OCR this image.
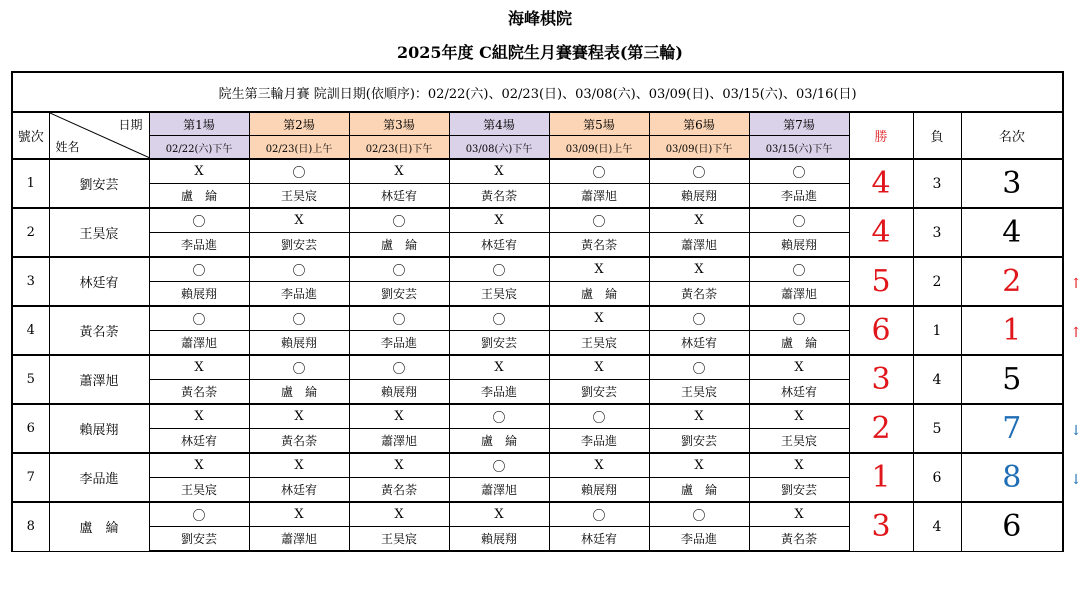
海峰棋院
2025年度 C組院生月賽賽程表(第三輪)
院生第三輪月賽 院訓日期(依順序)：02/22(六)、02/23(日)、03/08(六)、03/09(日)、03/15(六)、03/16(日)											
號次	日期
姓名	第1場	第2場	第3場	第4場	第5場	第6場	第7場	勝	負	名次
		02/22(六)下午	02/23(日)上午	02/23(日)下午	03/08(六)下午	03/09(日)上午	03/09(日)下午	03/15(六)下午			
1	劉安芸	X	〇	X	X	〇	〇	〇	4	3	3
		盧　綸	王昊宸	林廷宥	黃名荼	蕭澤旭	賴展翔	李品進			
2	王昊宸	〇	X	〇	X	〇	X	〇	4	3	4
		李品進	劉安芸	盧　綸	林廷宥	黃名荼	蕭澤旭	賴展翔			
3	林廷宥	〇	〇	〇	〇	X	X	〇	5	2	2
		賴展翔	李品進	劉安芸	王昊宸	盧　綸	黃名荼	蕭澤旭			
4	黃名荼	〇	〇	〇	〇	X	〇	〇	6	1	1
		蕭澤旭	賴展翔	李品進	劉安芸	王昊宸	林廷宥	盧　綸			
5	蕭澤旭	X	〇	〇	X	X	〇	X	3	4	5
		黃名荼	盧　綸	賴展翔	李品進	劉安芸	王昊宸	林廷宥			
6	賴展翔	X	X	X	〇	〇	X	X	2	5	7
		林廷宥	黃名荼	蕭澤旭	盧　綸	李品進	劉安芸	王昊宸			
7	李品進	X	X	X	〇	X	X	X	1	6	8
		王昊宸	林廷宥	黃名荼	蕭澤旭	賴展翔	盧　綸	劉安芸			
8	盧　綸	〇	X	X	X	〇	〇	X	3	4	6
		劉安芸	蕭澤旭	王昊宸	賴展翔	林廷宥	李品進	黃名荼			
↑
↑
↓
↓
